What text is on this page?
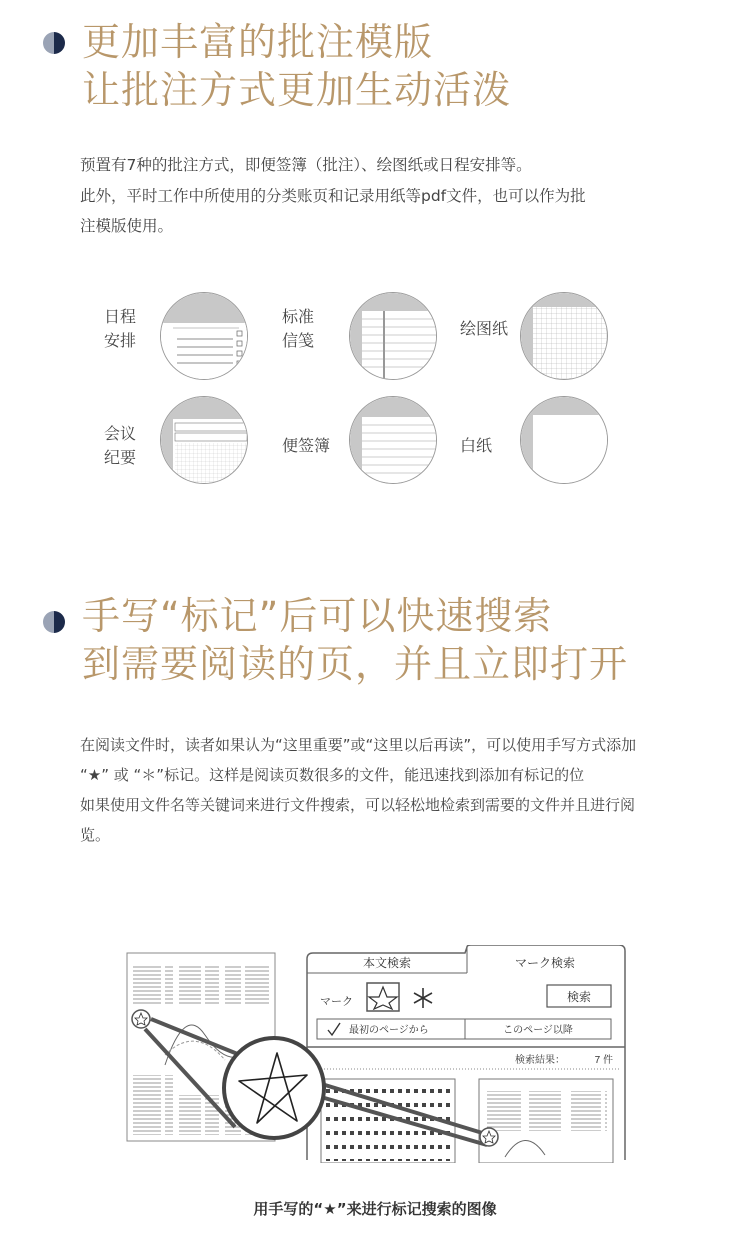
更加丰富的批注模版
让批注方式更加生动活泼

预置有7种的批注方式，即便签簿（批注）、绘图纸或日程安排等。

此外，平时工作中所使用的分类账页和记录用纸等pdf文件，也可以作为批

注模版使用。

日程
安排
标准
信笺
绘图纸
会议
纪要
便签簿	白纸
手写“标记”后可以快速搜索
到需要阅读的页，并且立即打开

在阅读文件时，读者如果认为“这里重要”或“这里以后再读”，可以使用手写方式添加

“★” 或 “＊”标记。这样是阅读页数很多的文件，能迅速找到添加有标记的位

如果使用文件名等关键词来进行文件搜索，可以轻松地检索到需要的文件并且进行阅

览。

本文検索	マーク検索
マーク	検索
最初のページから	このページ以降
検索結果：	7 件
用手写的“★”来进行标记搜索的图像
